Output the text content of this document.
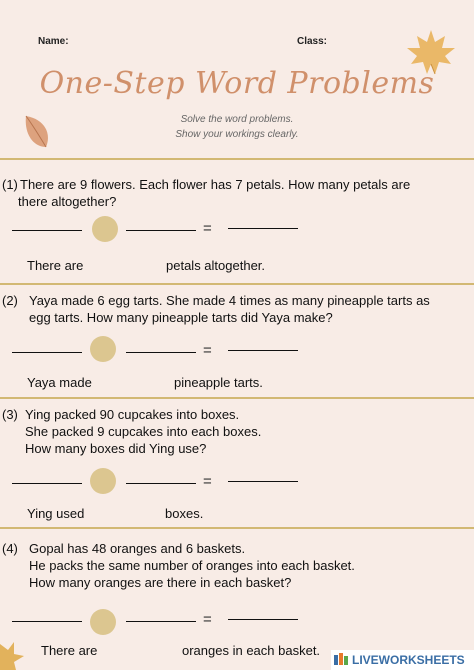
Name:	Class:
One-Step Word Problems
Solve the word problems.
Show your workings clearly.
(1) There are 9 flowers. Each flower has 7 petals. How many petals are
there altogether?
=
There are	petals altogether.
(2) Yaya made 6 egg tarts. She made 4 times as many pineapple tarts as
egg tarts. How many pineapple tarts did Yaya make?
=
Yaya made	pineapple tarts.
(3) Ying packed 90 cupcakes into boxes.
She packed 9 cupcakes into each boxes.
How many boxes did Ying use?
=
Ying used	boxes.
(4) Gopal has 48 oranges and 6 baskets.
He packs the same number of oranges into each basket.
How many oranges are there in each basket?
=
There are	oranges in each basket.
LIVEWORKSHEETS
